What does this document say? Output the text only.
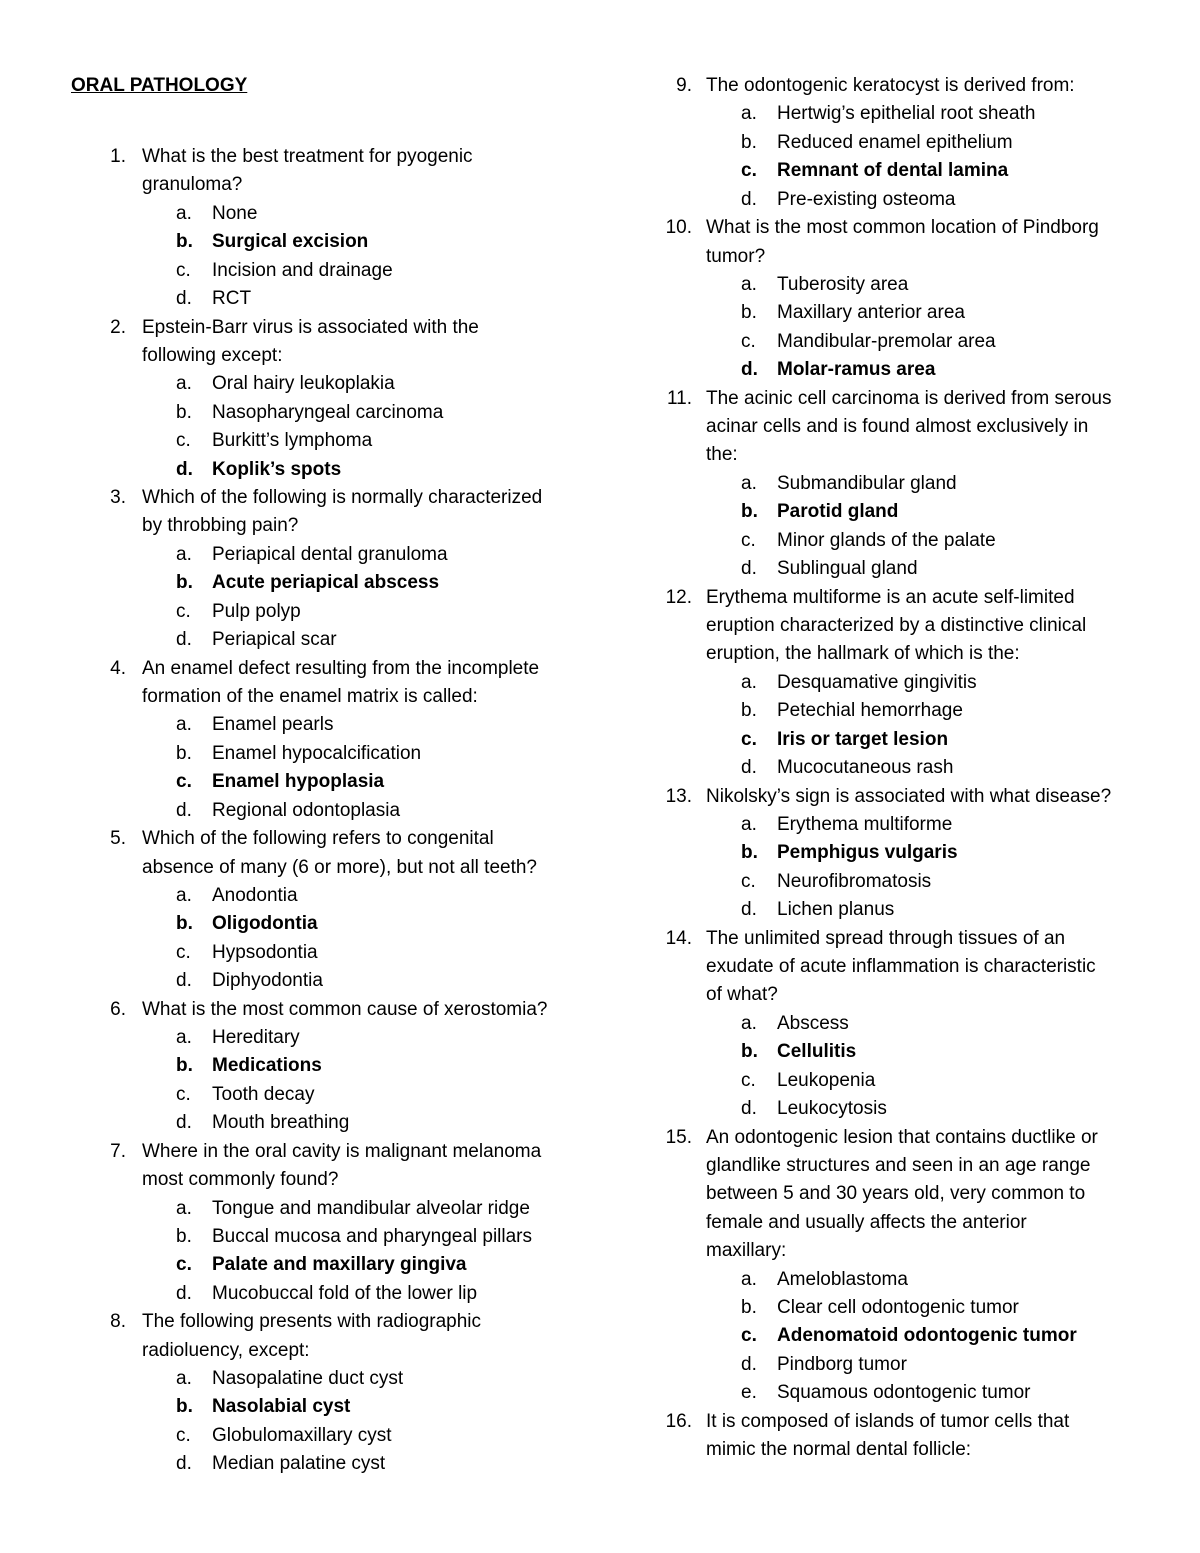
ORAL PATHOLOGY
1. What is the best treatment for pyogenic
granuloma?
a. None
b. Surgical excision
c. Incision and drainage
d. RCT
2. Epstein-Barr virus is associated with the
following except:
a. Oral hairy leukoplakia
b. Nasopharyngeal carcinoma
c. Burkitt’s lymphoma
d. Koplik’s spots
3. Which of the following is normally characterized
by throbbing pain?
a. Periapical dental granuloma
b. Acute periapical abscess
c. Pulp polyp
d. Periapical scar
4. An enamel defect resulting from the incomplete
formation of the enamel matrix is called:
a. Enamel pearls
b. Enamel hypocalcification
c. Enamel hypoplasia
d. Regional odontoplasia
5. Which of the following refers to congenital
absence of many (6 or more), but not all teeth?
a. Anodontia
b. Oligodontia
c. Hypsodontia
d. Diphyodontia
6. What is the most common cause of xerostomia?
a. Hereditary
b. Medications
c. Tooth decay
d. Mouth breathing
7. Where in the oral cavity is malignant melanoma
most commonly found?
a. Tongue and mandibular alveolar ridge
b. Buccal mucosa and pharyngeal pillars
c. Palate and maxillary gingiva
d. Mucobuccal fold of the lower lip
8. The following presents with radiographic
radioluency, except:
a. Nasopalatine duct cyst
b. Nasolabial cyst
c. Globulomaxillary cyst
d. Median palatine cyst
9. The odontogenic keratocyst is derived from:
a. Hertwig’s epithelial root sheath
b. Reduced enamel epithelium
c. Remnant of dental lamina
d. Pre-existing osteoma
10. What is the most common location of Pindborg
tumor?
a. Tuberosity area
b. Maxillary anterior area
c. Mandibular-premolar area
d. Molar-ramus area
11. The acinic cell carcinoma is derived from serous
acinar cells and is found almost exclusively in
the:
a. Submandibular gland
b. Parotid gland
c. Minor glands of the palate
d. Sublingual gland
12. Erythema multiforme is an acute self-limited
eruption characterized by a distinctive clinical
eruption, the hallmark of which is the:
a. Desquamative gingivitis
b. Petechial hemorrhage
c. Iris or target lesion
d. Mucocutaneous rash
13. Nikolsky’s sign is associated with what disease?
a. Erythema multiforme
b. Pemphigus vulgaris
c. Neurofibromatosis
d. Lichen planus
14. The unlimited spread through tissues of an
exudate of acute inflammation is characteristic
of what?
a. Abscess
b. Cellulitis
c. Leukopenia
d. Leukocytosis
15. An odontogenic lesion that contains ductlike or
glandlike structures and seen in an age range
between 5 and 30 years old, very common to
female and usually affects the anterior
maxillary:
a. Ameloblastoma
b. Clear cell odontogenic tumor
c. Adenomatoid odontogenic tumor
d. Pindborg tumor
e. Squamous odontogenic tumor
16. It is composed of islands of tumor cells that
mimic the normal dental follicle:
